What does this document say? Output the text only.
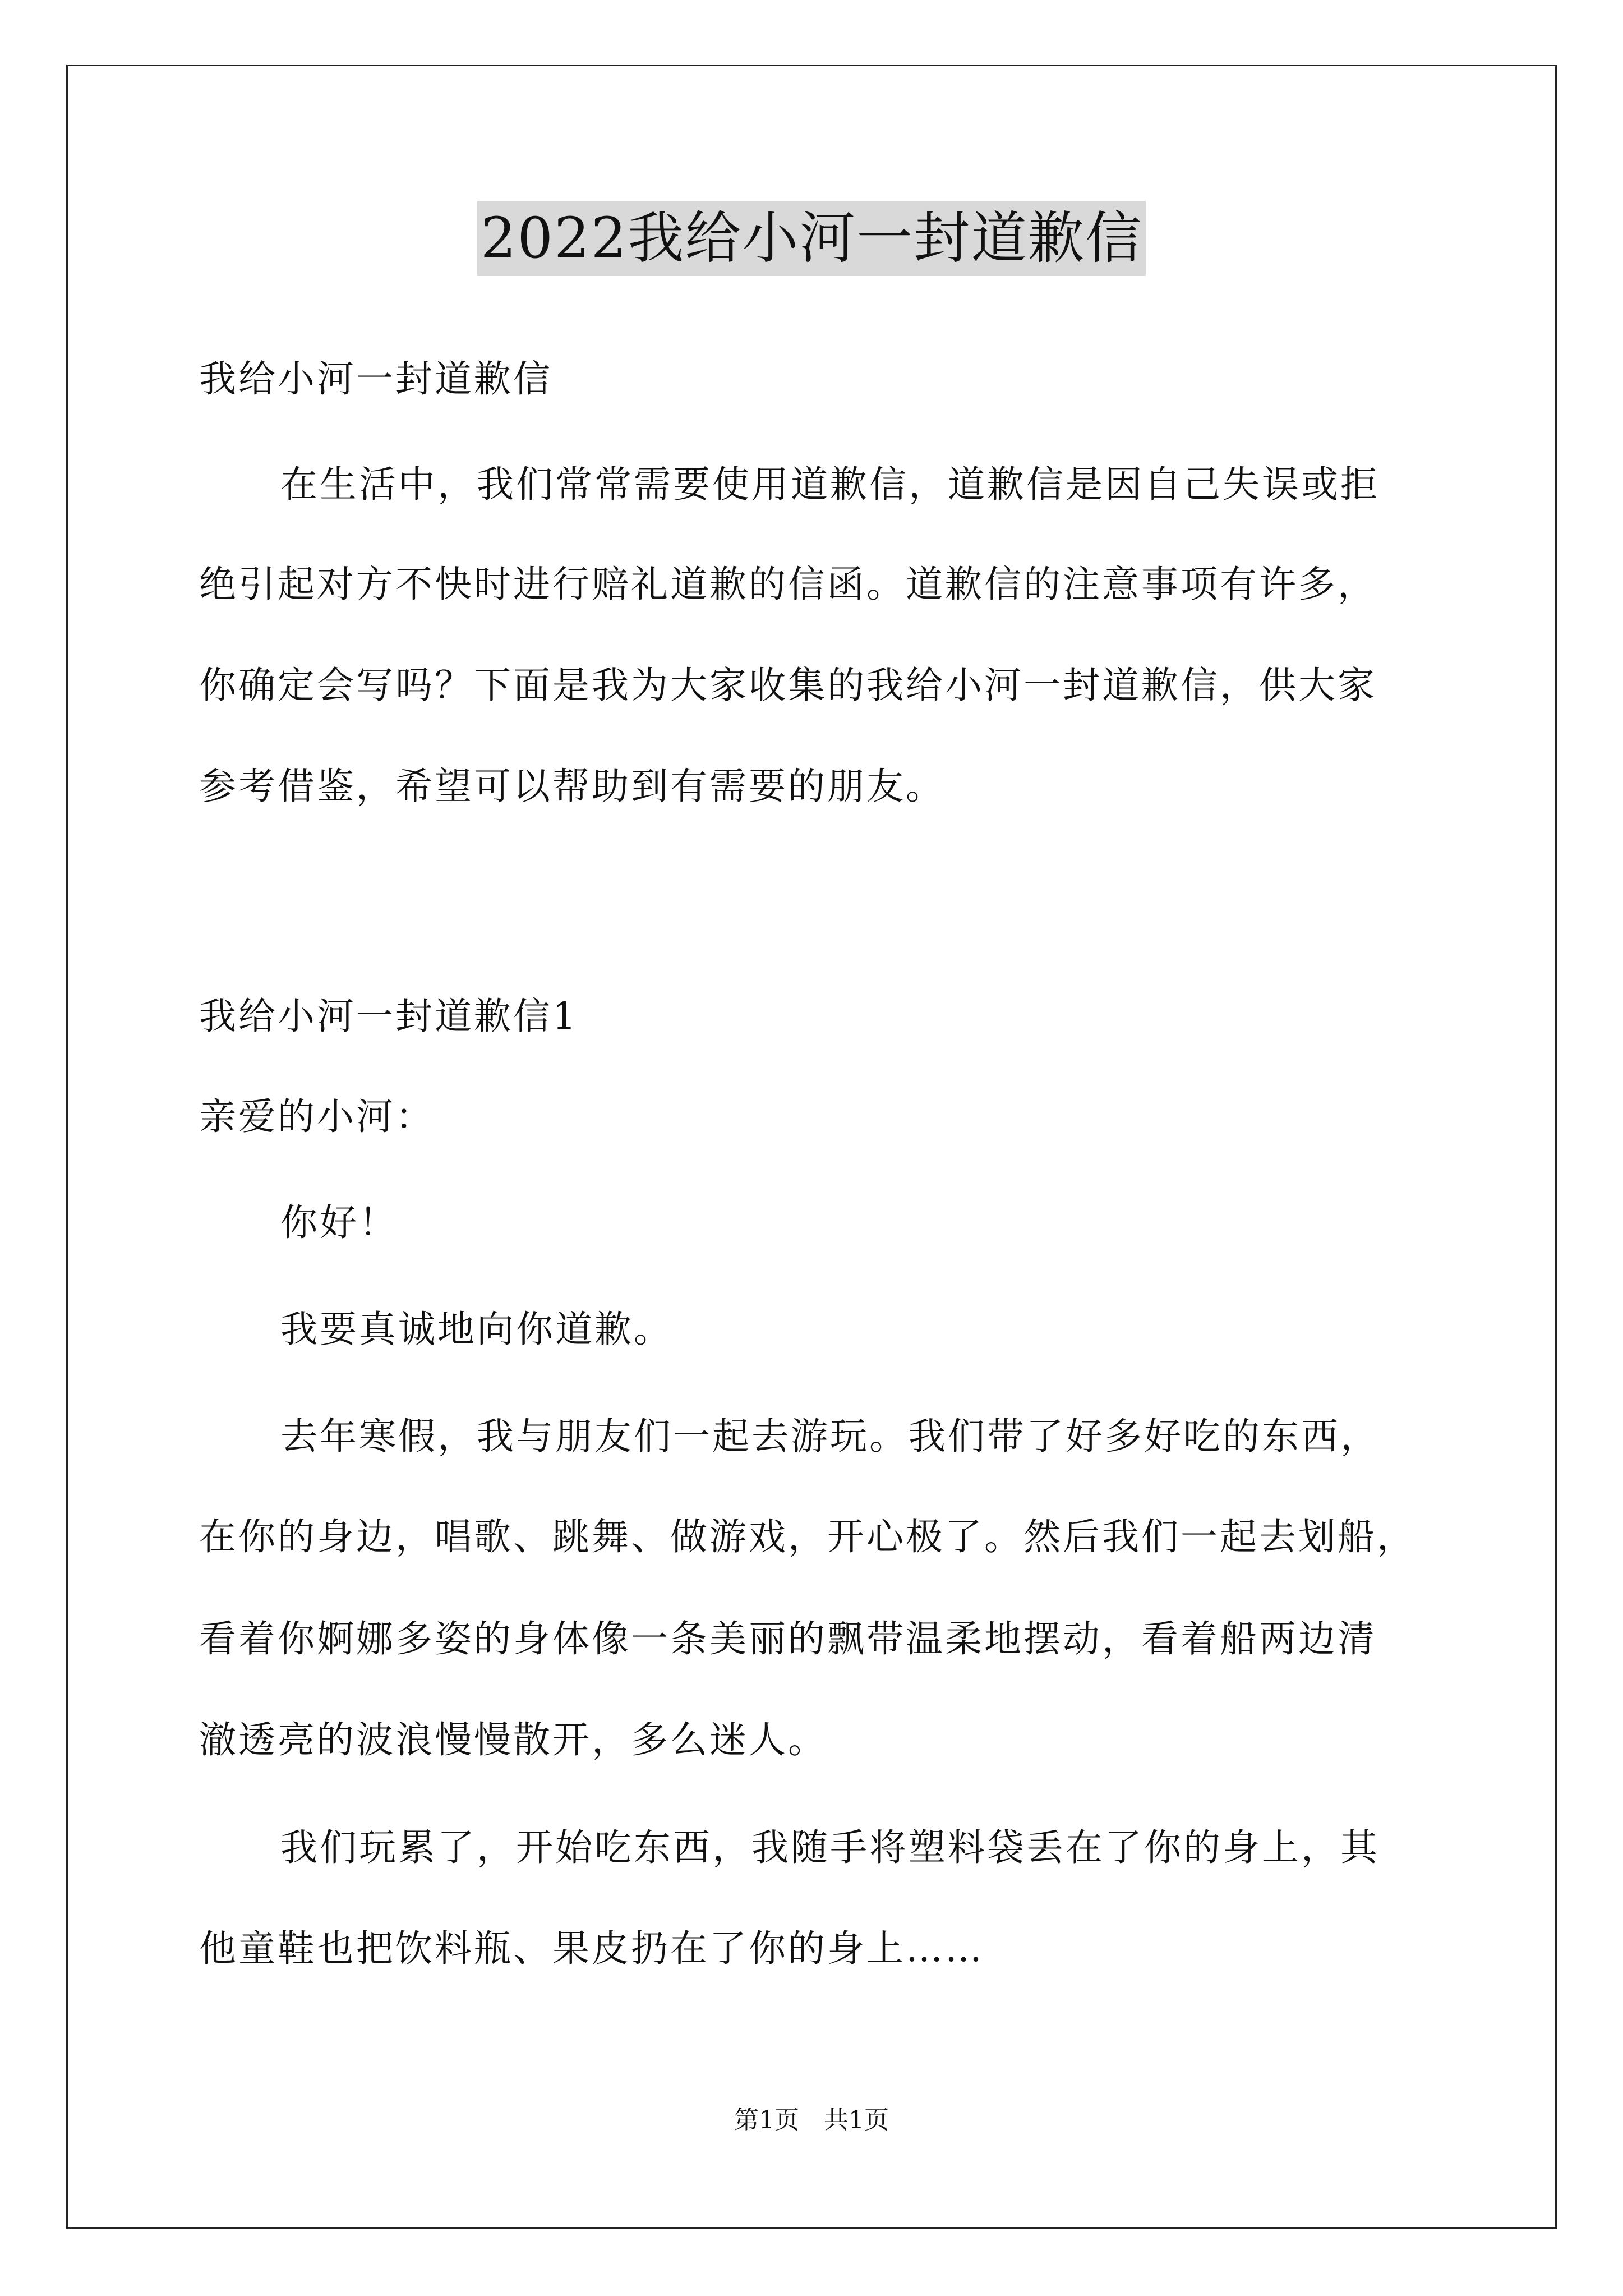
2022我给小河一封道歉信
我给小河一封道歉信
在生活中，我们常常需要使用道歉信，道歉信是因自己失误或拒
绝引起对方不快时进行赔礼道歉的信函。道歉信的注意事项有许多，
你确定会写吗？下面是我为大家收集的我给小河一封道歉信，供大家
参考借鉴，希望可以帮助到有需要的朋友。
我给小河一封道歉信1
亲爱的小河：
你好！
我要真诚地向你道歉。
去年寒假，我与朋友们一起去游玩。我们带了好多好吃的东西，
在你的身边，唱歌、跳舞、做游戏，开心极了。然后我们一起去划船，
看着你婀娜多姿的身体像一条美丽的飘带温柔地摆动，看着船两边清
澈透亮的波浪慢慢散开，多么迷人。
我们玩累了，开始吃东西，我随手将塑料袋丢在了你的身上，其
他童鞋也把饮料瓶、果皮扔在了你的身上……
第1页　共1页
